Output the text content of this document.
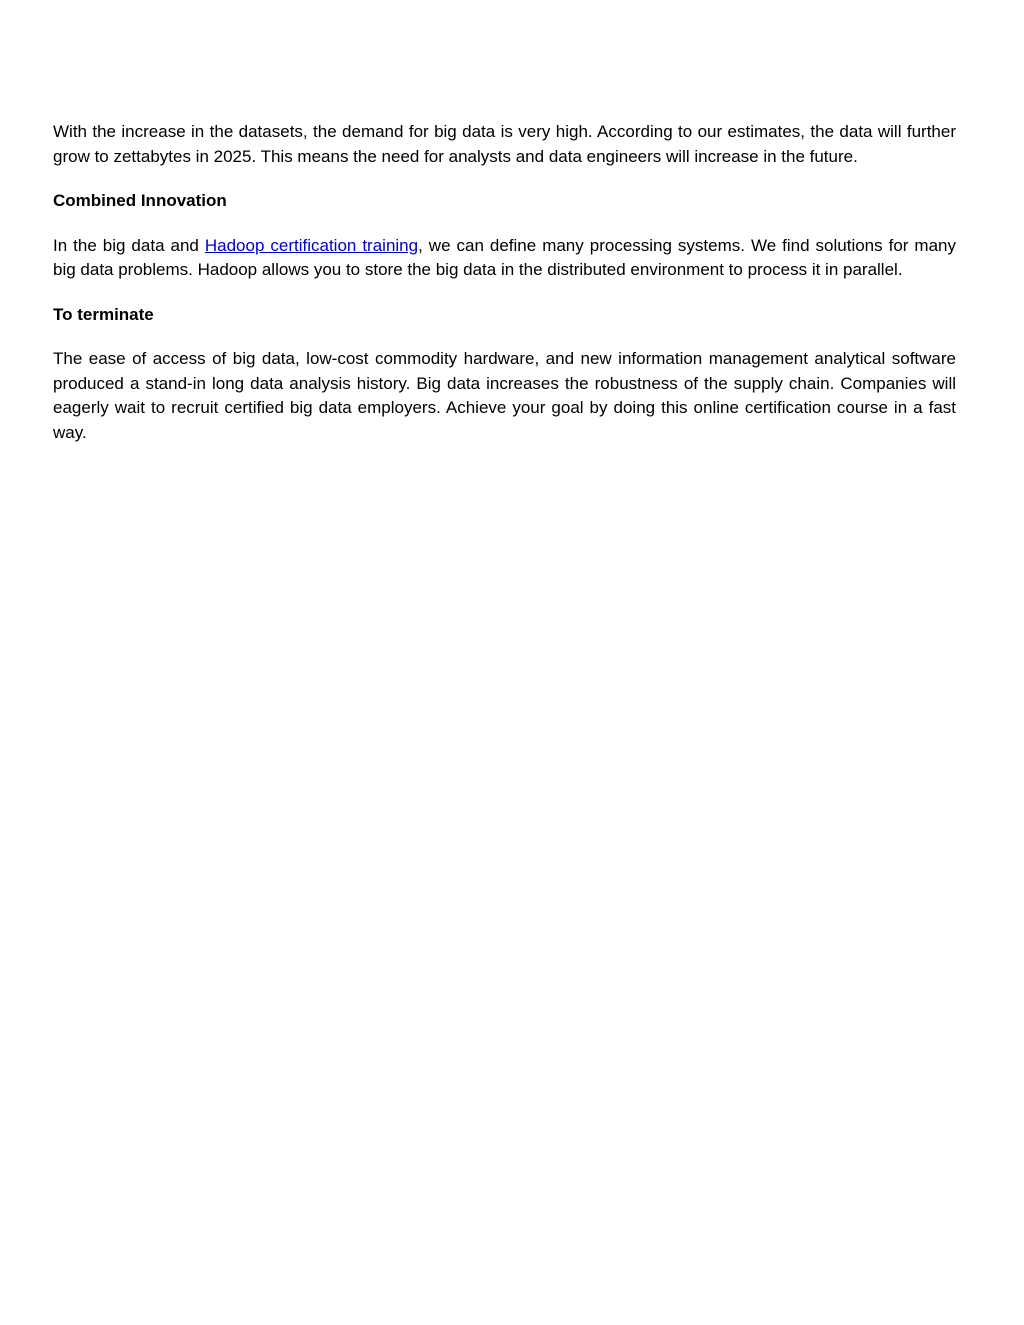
With the increase in the datasets, the demand for big data is very high. According to our estimates, the data will further grow to zettabytes in 2025. This means the need for analysts and data engineers will increase in the future.

Combined Innovation

In the big data and Hadoop certification training, we can define many processing systems. We find solutions for many big data problems. Hadoop allows you to store the big data in the distributed environment to process it in parallel.

To terminate

The ease of access of big data, low-cost commodity hardware, and new information management analytical software produced a stand-in long data analysis history. Big data increases the robustness of the supply chain. Companies will eagerly wait to recruit certified big data employers. Achieve your goal by doing this online certification course in a fast way.
